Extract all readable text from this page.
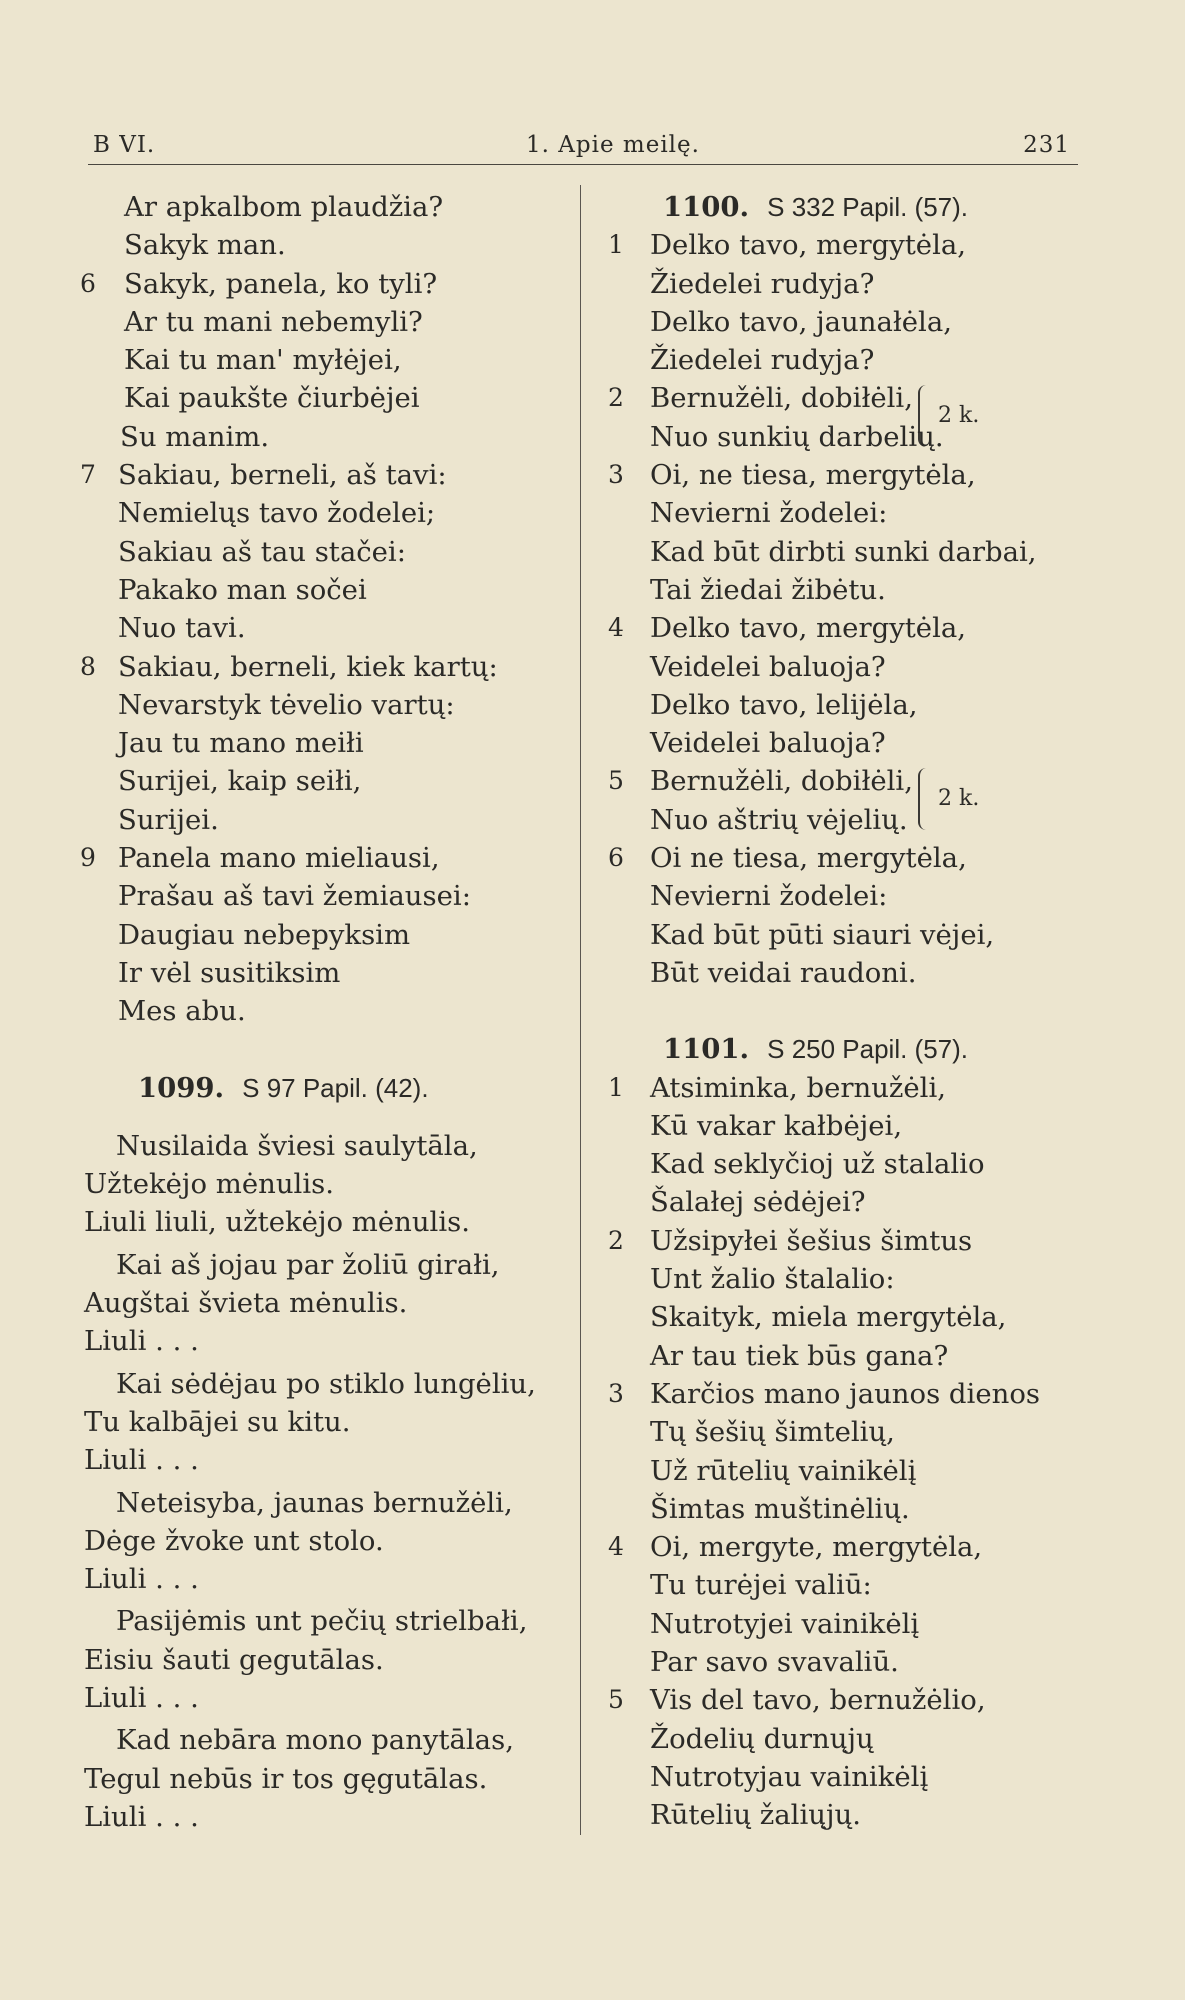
B VI.	1. Apie meilę.	231
Ar apkalbom plaudžia?
Sakyk man.
6	Sakyk, panela, ko tyli?
Ar tu mani nebemyli?
Kai tu man' myłėjei,
Kai paukšte čiurbėjei
Su manim.
7 Sakiau, berneli, aš tavi:
Nemielųs tavo žodelei;
Sakiau aš tau stačei:
Pakako man sočei
Nuo tavi.
8 Sakiau, berneli, kiek kartų:
Nevarstyk tėvelio vartų:
Jau tu mano meiłi
Surijei, kaip seiłi,
Surijei.
9 Panela mano mieliausi,
Prašau aš tavi žemiausei:
Daugiau nebepyksim
Ir vėl susitiksim
Mes abu.
1099. S 97 Papil. (42).
Nusilaida šviesi saulytāla,
Užtekėjo mėnulis.
Liuli liuli, užtekėjo mėnulis.
Kai aš jojau par žoliū girałi,
Augštai švieta mėnulis.
Liuli . . .
Kai sėdėjau po stiklo lungėliu,
Tu kalbājei su kitu.
Liuli . . .
Neteisyba, jaunas bernužėli,
Dėge žvoke unt stolo.
Liuli . . .
Pasijėmis unt pečių strielbałi,
Eisiu šauti gegutālas.
Liuli . . .
Kad nebāra mono panytālas,
Tegul nebūs ir tos gęgutālas.
Liuli . . .
1100. S 332 Papil. (57).
1 Delko tavo, mergytėla,
Žiedelei rudyja?
Delko tavo, jaunałėla,
Žiedelei rudyja?
2 Bernužėli, dobiłėli,
2 k.
Nuo sunkių darbelių.
3 Oi, ne tiesa, mergytėla,
Nevierni žodelei:
Kad būt dirbti sunki darbai,
Tai žiedai žibėtu.
4 Delko tavo, mergytėla,
Veidelei baluoja?
Delko tavo, lelijėla,
Veidelei baluoja?
5 Bernužėli, dobiłėli,
2 k.
Nuo aštrių vėjelių.
6 Oi ne tiesa, mergytėla,
Nevierni žodelei:
Kad būt pūti siauri vėjei,
Būt veidai raudoni.
1101. S 250 Papil. (57).
1 Atsiminka, bernužėli,
Kū vakar kałbėjei,
Kad seklyčioj už stalalio
Šalałej sėdėjei?
2 Užsipyłei šešius šimtus
Unt žalio štalalio:
Skaityk, miela mergytėla,
Ar tau tiek būs gana?
3 Karčios mano jaunos dienos
Tų šešių šimtelių,
Už rūtelių vainikėlį
Šimtas muštinėlių.
4 Oi, mergyte, mergytėla,
Tu turėjei valiū:
Nutrotyjei vainikėlį
Par savo svavaliū.
5 Vis del tavo, bernužėlio,
Žodelių durnųjų
Nutrotyjau vainikėlį
Rūtelių žaliųjų.
